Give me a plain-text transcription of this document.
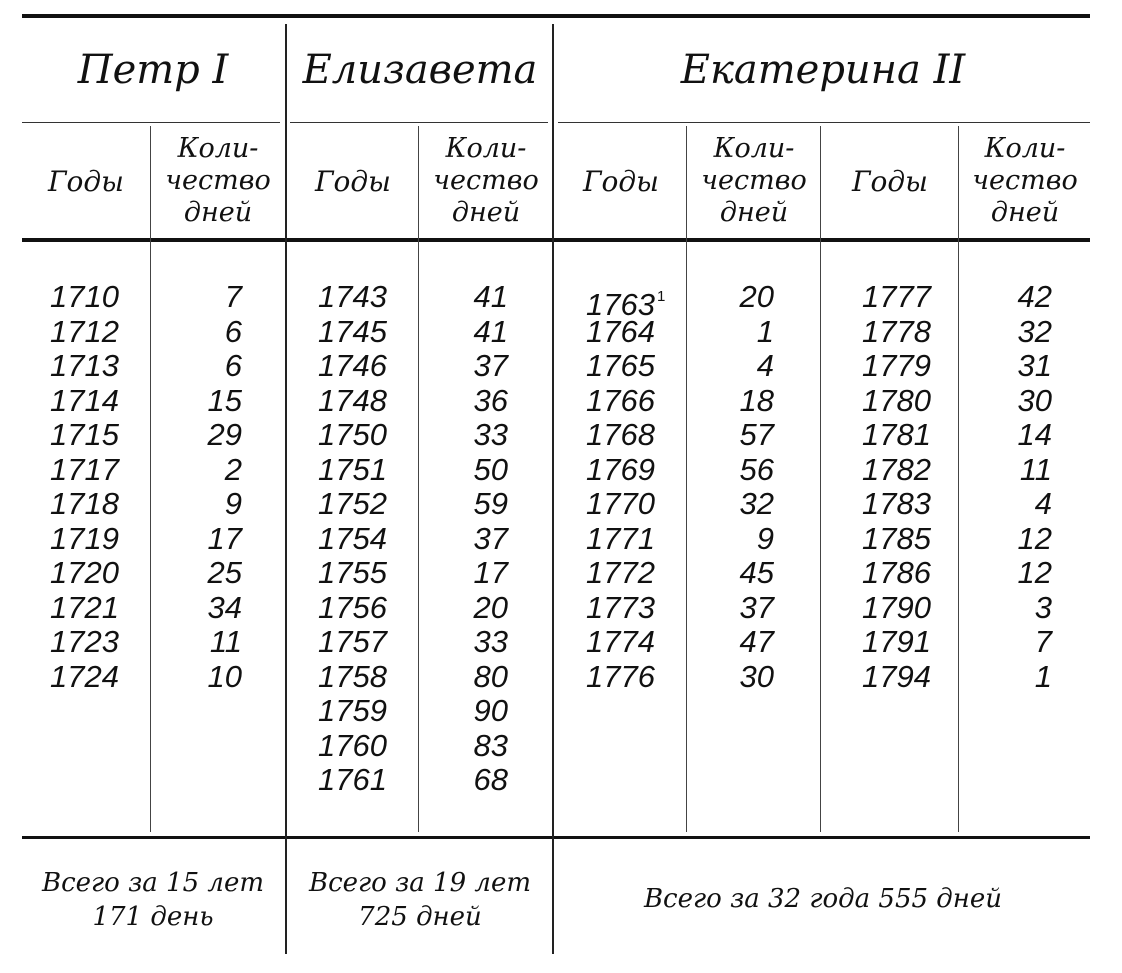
Петр I	Елизавета	Екатерина II
Годы
Коли-
чество
дней
Годы
Коли-
чество
дней
Годы
Коли-
чество
дней
Годы
Коли-
чество
дней
1710
1712
1713
1714
1715
1717
1718
1719
1720
1721
1723
1724
7
6
6
15
29
2
9
17
25
34
11
10
1743
1745
1746
1748
1750
1751
1752
1754
1755
1756
1757
1758
1759
1760
1761
41
41
37
36
33
50
59
37
17
20
33
80
90
83
68
1763 $^1$
1764
1765
1766
1768
1769
1770
1771
1772
1773
1774
1776
20
1
4
18
57
56
32
9
45
37
47
30
1777
1778
1779
1780
1781
1782
1783
1785
1786
1790
1791
1794
42
32
31
30
14
11
4
12
12
3
7
1
Всего за 15 лет
171 день
Всего за 19 лет
725 дней
Всего за 32 года 555 дней
